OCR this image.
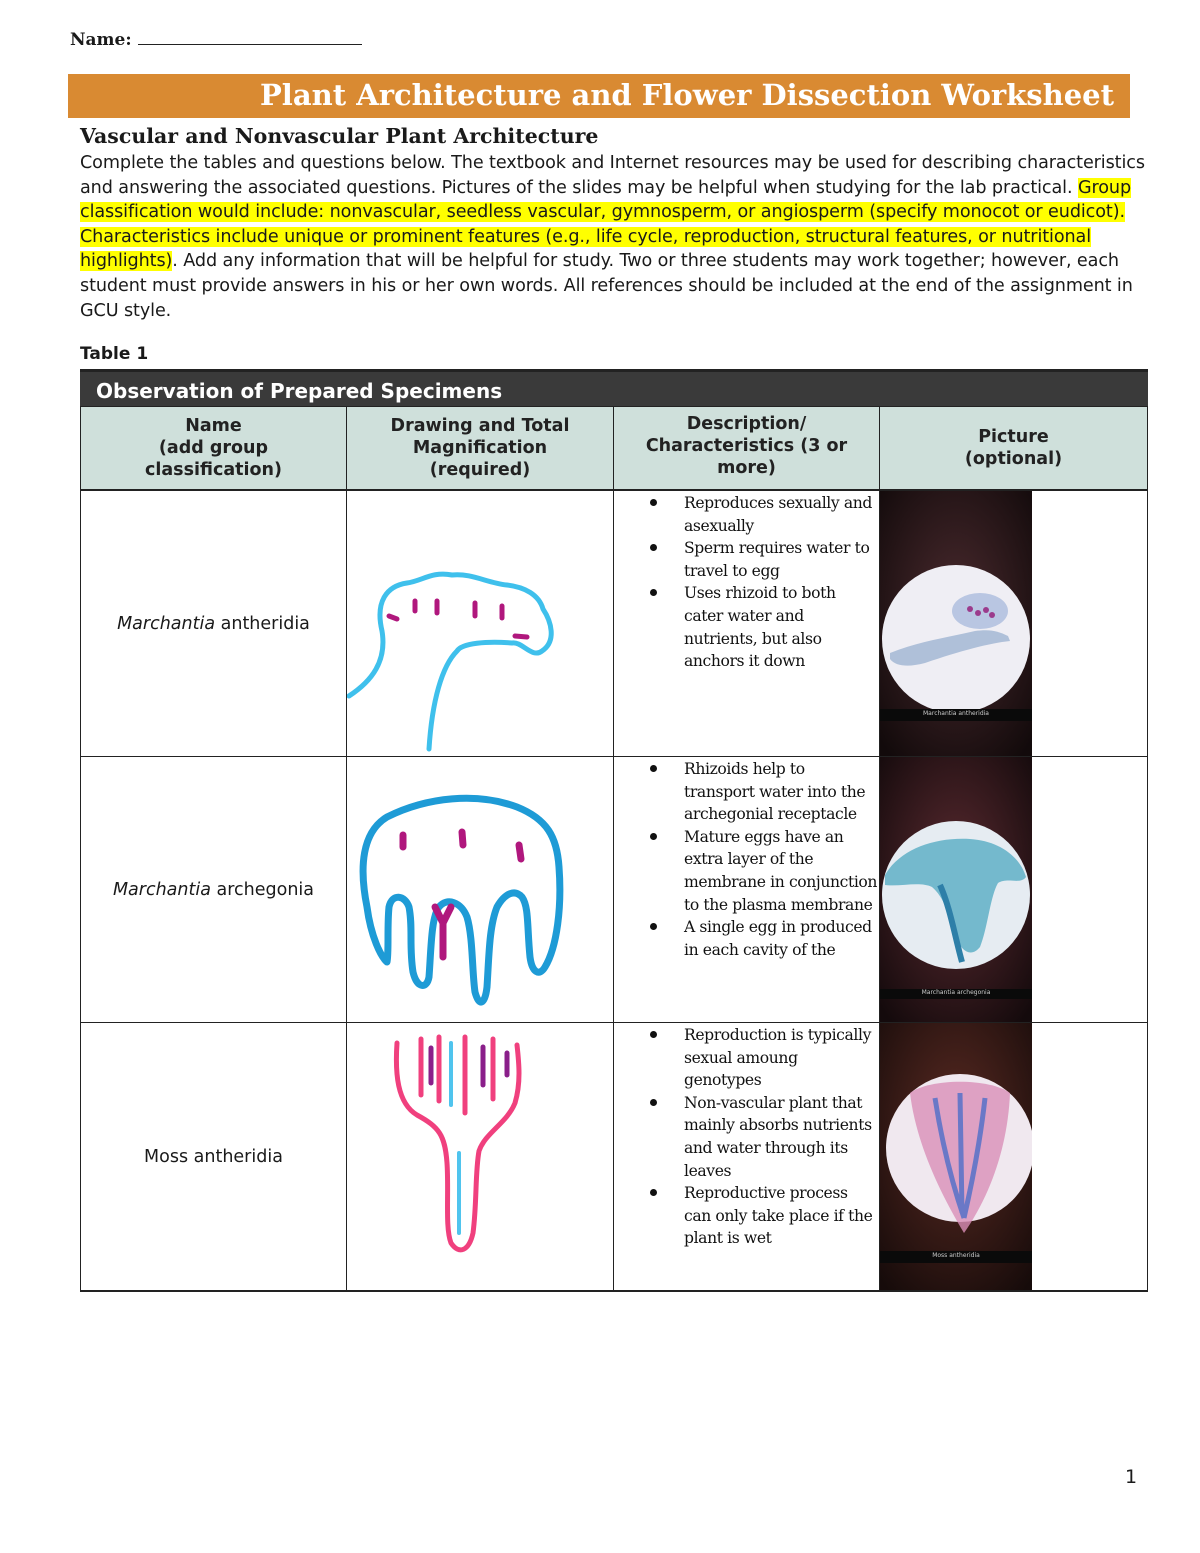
Name:
Plant Architecture and Flower Dissection Worksheet
Vascular and Nonvascular Plant Architecture
Complete the tables and questions below. The textbook and Internet resources may be used for describing characteristics and answering the associated questions. Pictures of the slides may be helpful when studying for the lab practical. Group classification would include: nonvascular, seedless vascular, gymnosperm, or angiosperm (specify monocot or eudicot). Characteristics include unique or prominent features (e.g., life cycle, reproduction, structural features, or nutritional highlights). Add any information that will be helpful for study. Two or three students may work together; however, each student must provide answers in his or her own words. All references should be included at the end of the assignment in GCU style.
Table 1
Observation of Prepared Specimens
Name
(add group
classification)
Drawing and Total
Magnification
(required)
Description/
Characteristics (3 or
more)
Picture
(optional)
Marchantia antheridia
Reproduces sexually and asexually
Sperm requires water to travel to egg
Uses rhizoid to both cater water and nutrients, but also anchors it down
Marchantia antheridia
Marchantia archegonia
Rhizoids help to transport water into the archegonial receptacle
Mature eggs have an extra layer of the membrane in conjunction to the plasma membrane
A single egg in produced in each cavity of the
Marchantia archegonia
Moss antheridia
Reproduction is typically sexual amoung genotypes
Non-vascular plant that mainly absorbs nutrients and water through its leaves
Reproductive process can only take place if the plant is wet
Moss antheridia
1
